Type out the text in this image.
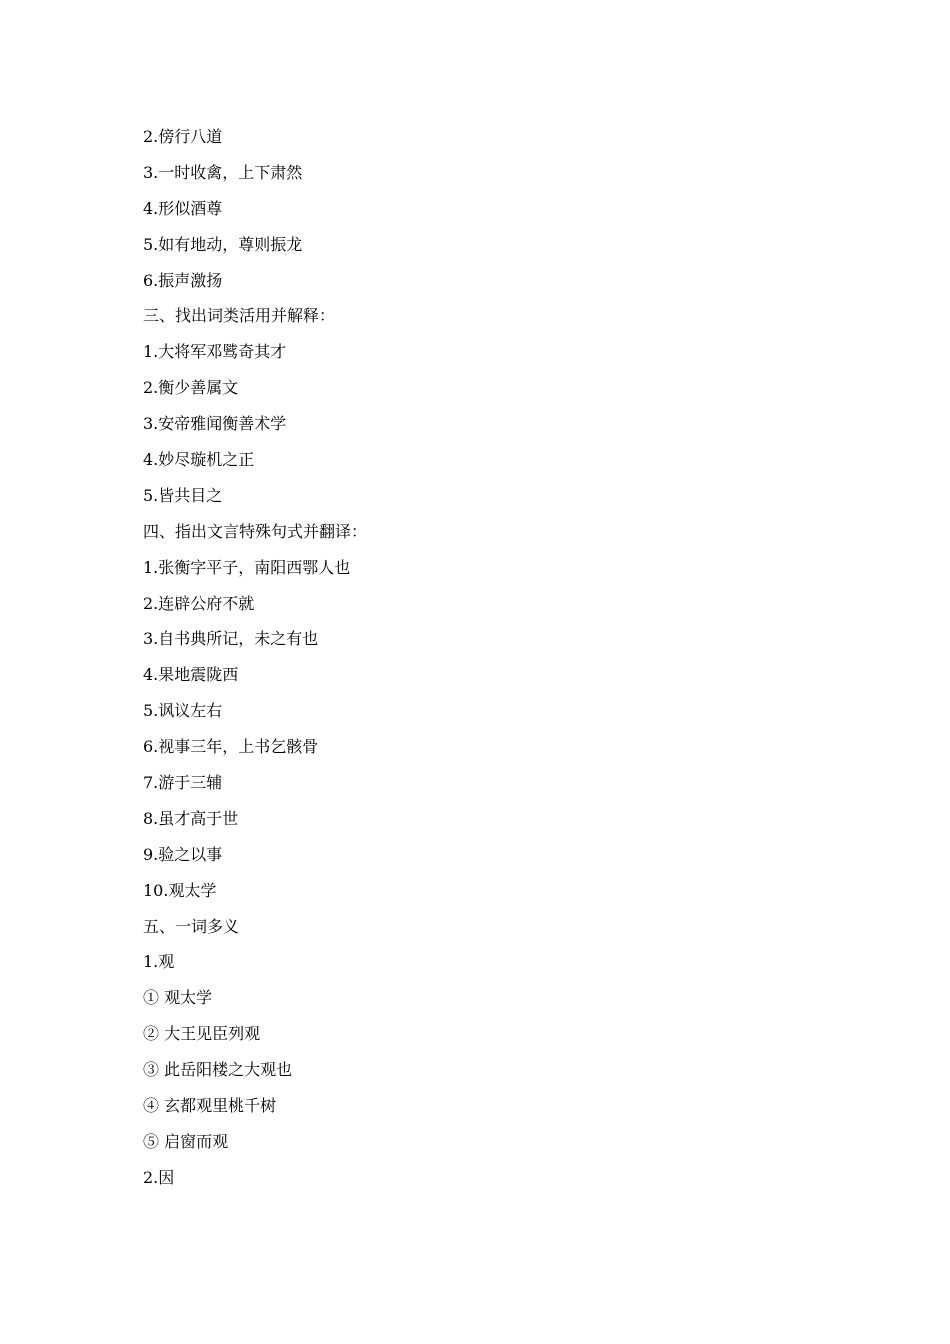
2.傍行八道
3.一时收禽，上下肃然
4.形似酒尊
5.如有地动，尊则振龙
6.振声激扬
三、找出词类活用并解释：
1.大将军邓骘奇其才
2.衡少善属文
3.安帝雅闻衡善术学
4.妙尽璇机之正
5.皆共目之
四、指出文言特殊句式并翻译：
1.张衡字平子，南阳西鄂人也
2.连辟公府不就
3.自书典所记，未之有也
4.果地震陇西
5.讽议左右
6.视事三年，上书乞骸骨
7.游于三辅
8.虽才高于世
9.验之以事
10.观太学
五、一词多义
1.观
① 观太学
② 大王见臣列观
③ 此岳阳楼之大观也
④ 玄都观里桃千树
⑤ 启窗而观
2.因
